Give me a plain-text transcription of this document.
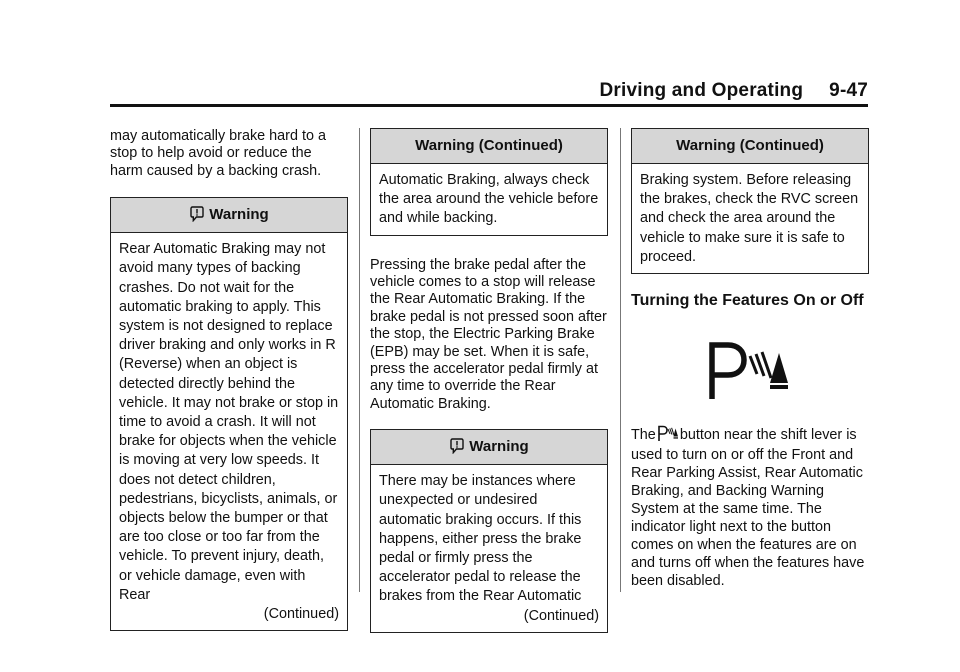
Driving and Operating 9-47

may automatically brake hard to a stop to help avoid or reduce the harm caused by a backing crash.

Warning

Rear Automatic Braking may not avoid many types of backing crashes. Do not wait for the automatic braking to apply. This system is not designed to replace driver braking and only works in R (Reverse) when an object is detected directly behind the vehicle. It may not brake or stop in time to avoid a crash. It will not brake for objects when the vehicle is moving at very low speeds. It does not detect children, pedestrians, bicyclists, animals, or objects below the bumper or that are too close or too far from the vehicle. To prevent injury, death, or vehicle damage, even with Rear

(Continued)

Warning (Continued)

Automatic Braking, always check the area around the vehicle before and while backing.

Pressing the brake pedal after the vehicle comes to a stop will release the Rear Automatic Braking. If the brake pedal is not pressed soon after the stop, the Electric Parking Brake (EPB) may be set. When it is safe, press the accelerator pedal firmly at any time to override the Rear Automatic Braking.

Warning

There may be instances where unexpected or undesired automatic braking occurs. If this happens, either press the brake pedal or firmly press the accelerator pedal to release the brakes from the Rear Automatic

(Continued)

Warning (Continued)

Braking system. Before releasing the brakes, check the RVC screen and check the area around the vehicle to make sure it is safe to proceed.

Turning the Features On or Off

The button near the shift lever is used to turn on or off the Front and Rear Parking Assist, Rear Automatic Braking, and Backing Warning System at the same time. The indicator light next to the button comes on when the features are on and turns off when the features have been disabled.
